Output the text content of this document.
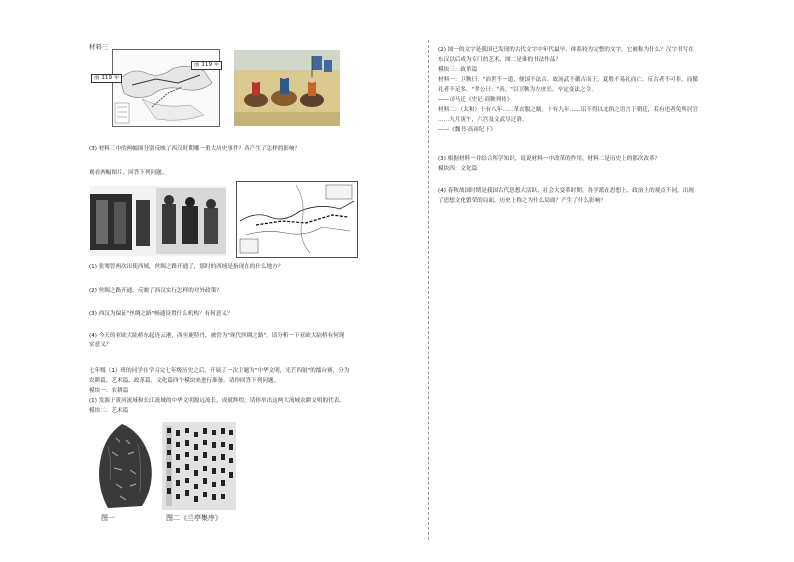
材料三
前 119 年
前 119 年
(3) 材料三中的两幅图分别反映了西汉时期哪一重大历史事件？各产生了怎样的影响？
观看两幅图片，回答下列问题。
(1) 张骞曾两次出使西域，丝绸之路开通了，那时的西域是指现在的什么地方？
(2) 丝绸之路开通，反映了西汉实行怎样的对外政策？
(3) 西汉为保证"丝绸之路"畅通设置什么机构？有何意义？
(4) 今天的亚欧大陆桥东起连云港，西至鹿特丹，被誉为"现代丝绸之路"。请分析一下亚欧大陆桥有何现
实意义？
七年级（1）班的同学在学习完七年级历史之后，开展了一次主题为"中华文明，光芒四射"的擂台赛，分为
农耕篇、艺术篇、政革篇、文化篇四个模块来进行准备。请你回答下列问题。
模块一：农耕篇
(1) 发源于黄河流域和长江流域的中华文明源远流长，成就辉煌。请你举出这两大流域农耕文明的代表。
模块二：艺术篇
图一	图二《兰亭集序》
(2) 图一的文字是我国已发现的古代文字中年代最早、体系较为完整的文字，它被称为什么？汉字书写在
东汉以后成为专门的艺术，图二是谁的书法作品？
模块三：政革篇
材料一：卫鞅曰："治世不一道，便国不法古。故汤武不循古而王，夏殷不易礼而亡。反古者不可非，而循
礼者不足多。"孝公曰："善。"以卫鞅为左庶长，卒定变法之令。
——司马迁《史记·商鞅列传》
材料二：（太和）十有八年……革衣服之制。十有九年……诏不得以北俗之语言于朝廷，若有违者免所居官
……九月庚午，六宫及文武尽迁洛。
——《魏书·高祖纪下》
(3) 根据材料一并结合所学知识，说说材料一中改革的作用。材料二是历史上的那次改革？
模块四：文化篇
(4) 春秋战国时期是我国古代思想大活跃、社会大变革时期，各学派在思想上、政治上的观点不同，出现
了思想文化繁荣的局面，历史上称之为什么局面？产生了什么影响？
